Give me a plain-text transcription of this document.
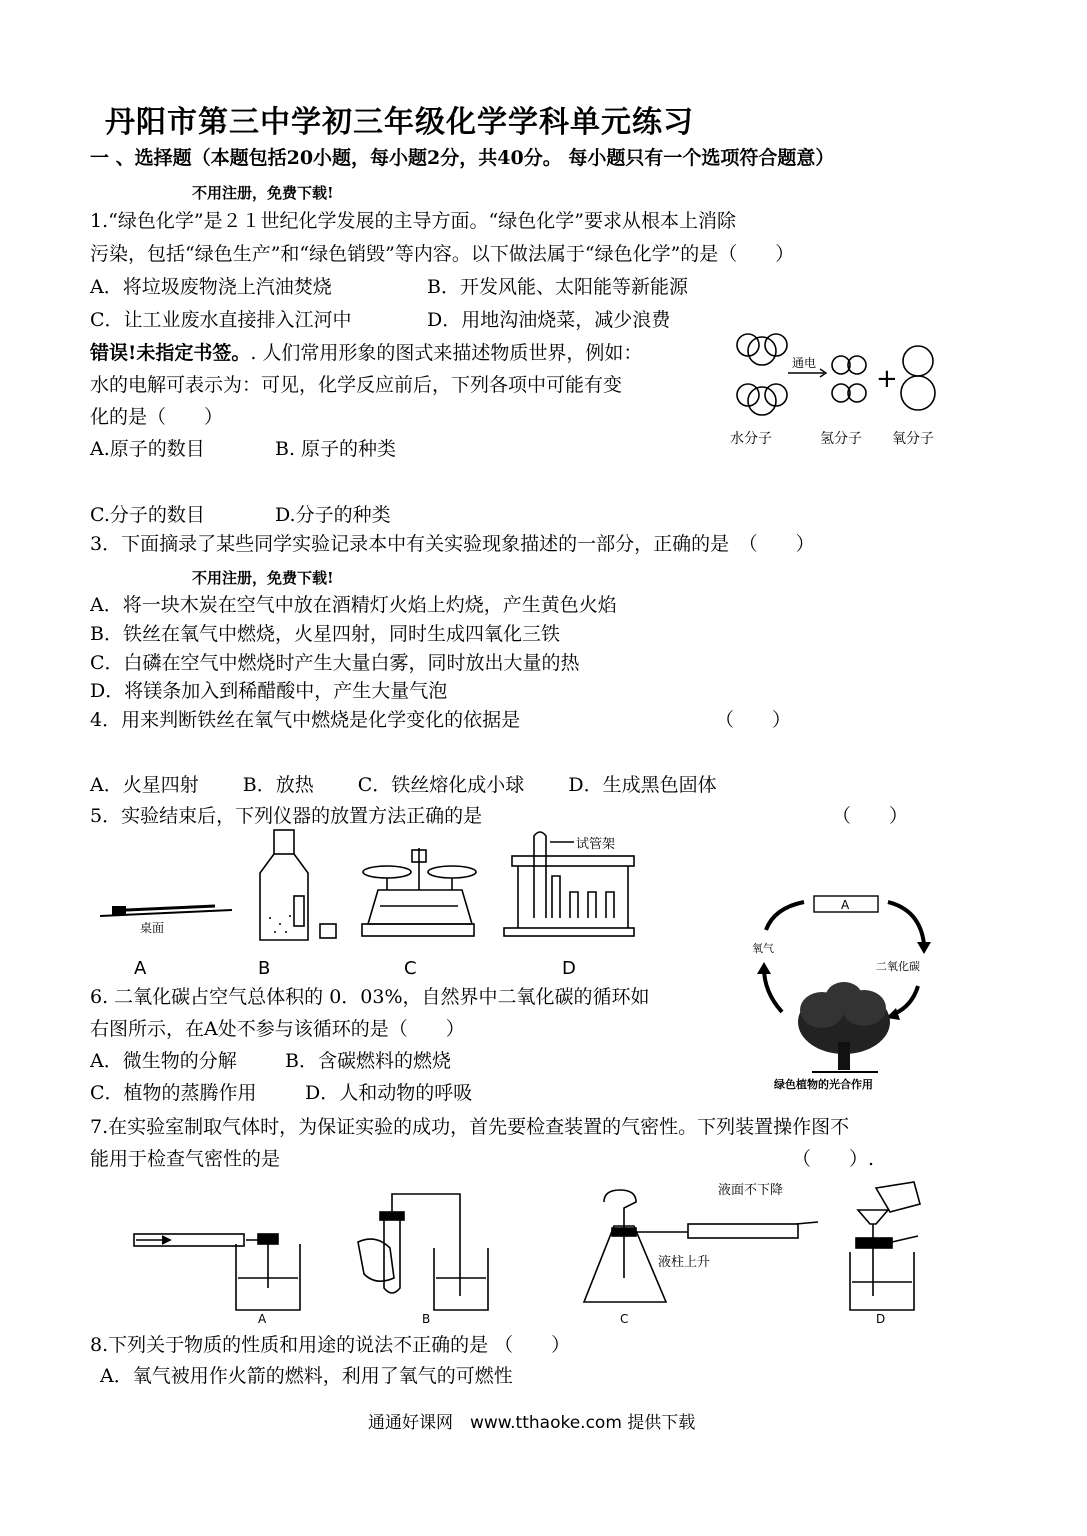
丹阳市第三中学初三年级化学学科单元练习
一 、选择题（本题包括20小题，每小题2分，共40分。 每小题只有一个选项符合题意）
不用注册，免费下载!
1.“绿色化学”是２１世纪化学发展的主导方面。“绿色化学”要求从根本上消除
污染，包括“绿色生产”和“绿色销毁”等内容。以下做法属于“绿色化学”的是（　　）
A．将垃圾废物浇上汽油焚烧	B．开发风能、太阳能等新能源
C．让工业废水直接排入江河中	D．用地沟油烧菜，减少浪费
错误!未指定书签。. 人们常用形象的图式来描述物质世界，例如：
水的电解可表示为：可见，化学反应前后，下列各项中可能有变
化的是（　　）
A.原子的数目	B. 原子的种类
C.分子的数目	D.分子的种类
通电
+
水分子	氢分子 氧分子
3．下面摘录了某些同学实验记录本中有关实验现象描述的一部分，正确的是　（　　）
不用注册，免费下载!
A．将一块木炭在空气中放在酒精灯火焰上灼烧，产生黄色火焰
B．铁丝在氧气中燃烧，火星四射，同时生成四氧化三铁
C．白磷在空气中燃烧时产生大量白雾，同时放出大量的热
D．将镁条加入到稀醋酸中，产生大量气泡
4．用来判断铁丝在氧气中燃烧是化学变化的依据是	（　　）
A．火星四射　　 B．放热　　 C．铁丝熔化成小球　　 D．生成黑色固体
5．实验结束后，下列仪器的放置方法正确的是	（　　）
桌面
试管架
A	B	C	D
6. 二氧化碳占空气总体积的 0．03%，自然界中二氧化碳的循环如
右图所示，在A处不参与该循环的是（　　）
A．微生物的分解	B．含碳燃料的燃烧
C．植物的蒸腾作用	D．人和动物的呼吸
A
氧气
二氧化碳
绿色植物的光合作用
7.在实验室制取气体时，为保证实验的成功，首先要检查装置的气密性。下列装置操作图不
能用于检查气密性的是	（　　）.
A	B
液柱上升
C
液面不下降
D
8.下列关于物质的性质和用途的说法不正确的是 （　　）
A．氧气被用作火箭的燃料，利用了氧气的可燃性
通通好课网　www.tthaoke.com 提供下载
